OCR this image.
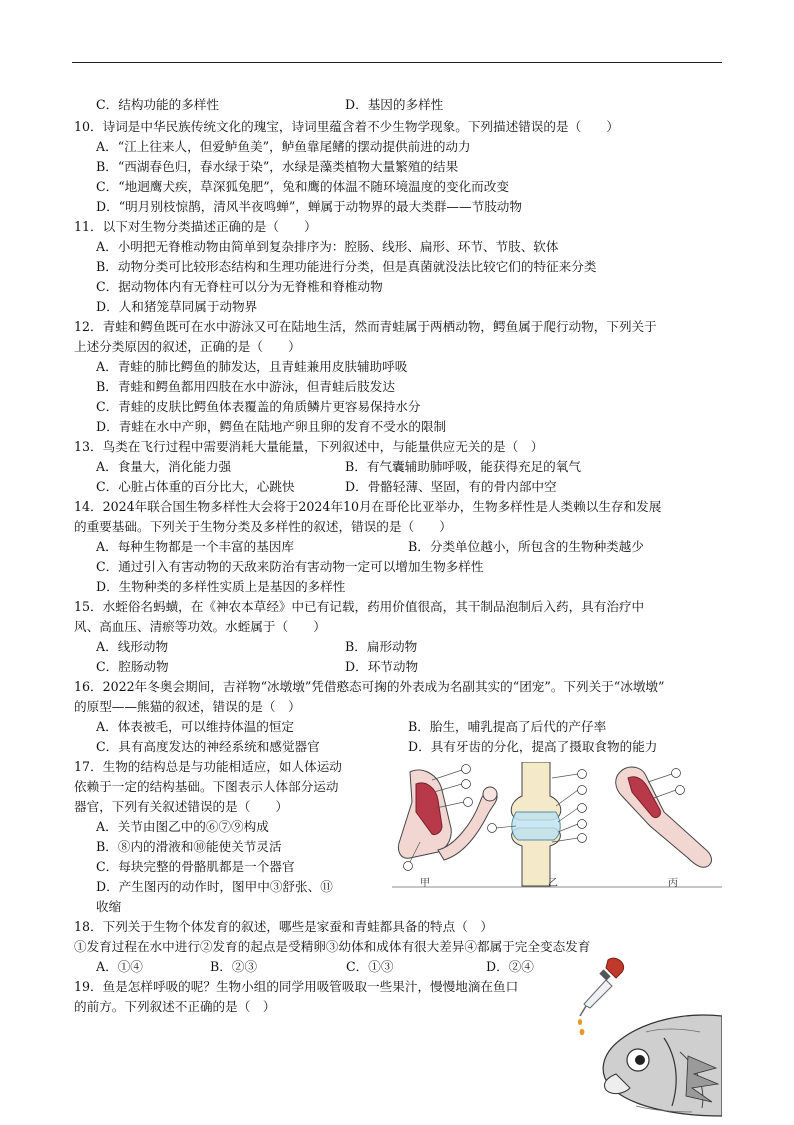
C．结构功能的多样性	D．基因的多样性
10．诗词是中华民族传统文化的瑰宝，诗词里蕴含着不少生物学现象。下列描述错误的是（　　）
A．“江上往来人，但爱鲈鱼美”，鲈鱼靠尾鳍的摆动提供前进的动力
B．“西湖春色归，春水绿于染”，水绿是藻类植物大量繁殖的结果
C．“地迥鹰犬疾，草深狐兔肥”，兔和鹰的体温不随环境温度的变化而改变
D．“明月别枝惊鹊，清风半夜鸣蝉”，蝉属于动物界的最大类群——节肢动物
11．以下对生物分类描述正确的是（　　）
A．小明把无脊椎动物由简单到复杂排序为：腔肠、线形、扁形、环节、节肢、软体
B．动物分类可比较形态结构和生理功能进行分类，但是真菌就没法比较它们的特征来分类
C．据动物体内有无脊柱可以分为无脊椎和脊椎动物
D．人和猪笼草同属于动物界
12．青蛙和鳄鱼既可在水中游泳又可在陆地生活，然而青蛙属于两栖动物，鳄鱼属于爬行动物，下列关于
上述分类原因的叙述，正确的是（　　）
A．青蛙的肺比鳄鱼的肺发达，且青蛙兼用皮肤辅助呼吸
B．青蛙和鳄鱼都用四肢在水中游泳，但青蛙后肢发达
C．青蛙的皮肤比鳄鱼体表覆盖的角质鳞片更容易保持水分
D．青蛙在水中产卵，鳄鱼在陆地产卵且卵的发育不受水的限制
13．鸟类在飞行过程中需要消耗大量能量，下列叙述中，与能量供应无关的是（　）
A．食量大，消化能力强	B．有气囊辅助肺呼吸，能获得充足的氧气
C．心脏占体重的百分比大，心跳快	D．骨骼轻薄、坚固，有的骨内部中空
14．2024年联合国生物多样性大会将于2024年10月在哥伦比亚举办，生物多样性是人类赖以生存和发展
的重要基础。下列关于生物分类及多样性的叙述，错误的是（　　）
A．每种生物都是一个丰富的基因库	B．分类单位越小，所包含的生物种类越少
C．通过引入有害动物的天敌来防治有害动物一定可以增加生物多样性
D．生物种类的多样性实质上是基因的多样性
15．水蛭俗名蚂蟥，在《神农本草经》中已有记载，药用价值很高，其干制品泡制后入药，具有治疗中
风、高血压、清瘀等功效。水蛭属于（　　）
A．线形动物	B．扁形动物
C．腔肠动物	D．环节动物
16．2022年冬奥会期间，吉祥物“冰墩墩”凭借憨态可掬的外表成为名副其实的“团宠”。下列关于“冰墩墩”
的原型——熊猫的叙述，错误的是（　）
A．体表被毛，可以维持体温的恒定	B．胎生，哺乳提高了后代的产仔率
C．具有高度发达的神经系统和感觉器官	D．具有牙齿的分化，提高了摄取食物的能力
17．生物的结构总是与功能相适应，如人体运动
依赖于一定的结构基础。下图表示人体部分运动
器官，下列有关叙述错误的是（　　）
A．关节由图乙中的⑥⑦⑨构成
B．⑧内的滑液和⑩能使关节灵活
C．每块完整的骨骼肌都是一个器官
D．产生图丙的动作时，图甲中③舒张、⑪
收缩
甲	乙	丙
18．下列关于生物个体发育的叙述，哪些是家蚕和青蛙都具备的特点（　）
①发育过程在水中进行②发育的起点是受精卵③幼体和成体有很大差异④都属于完全变态发育
A．①④	B．②③	C．①③	D．②④
19．鱼是怎样呼吸的呢？生物小组的同学用吸管吸取一些果汁，慢慢地滴在鱼口
的前方。下列叙述不正确的是（　）
